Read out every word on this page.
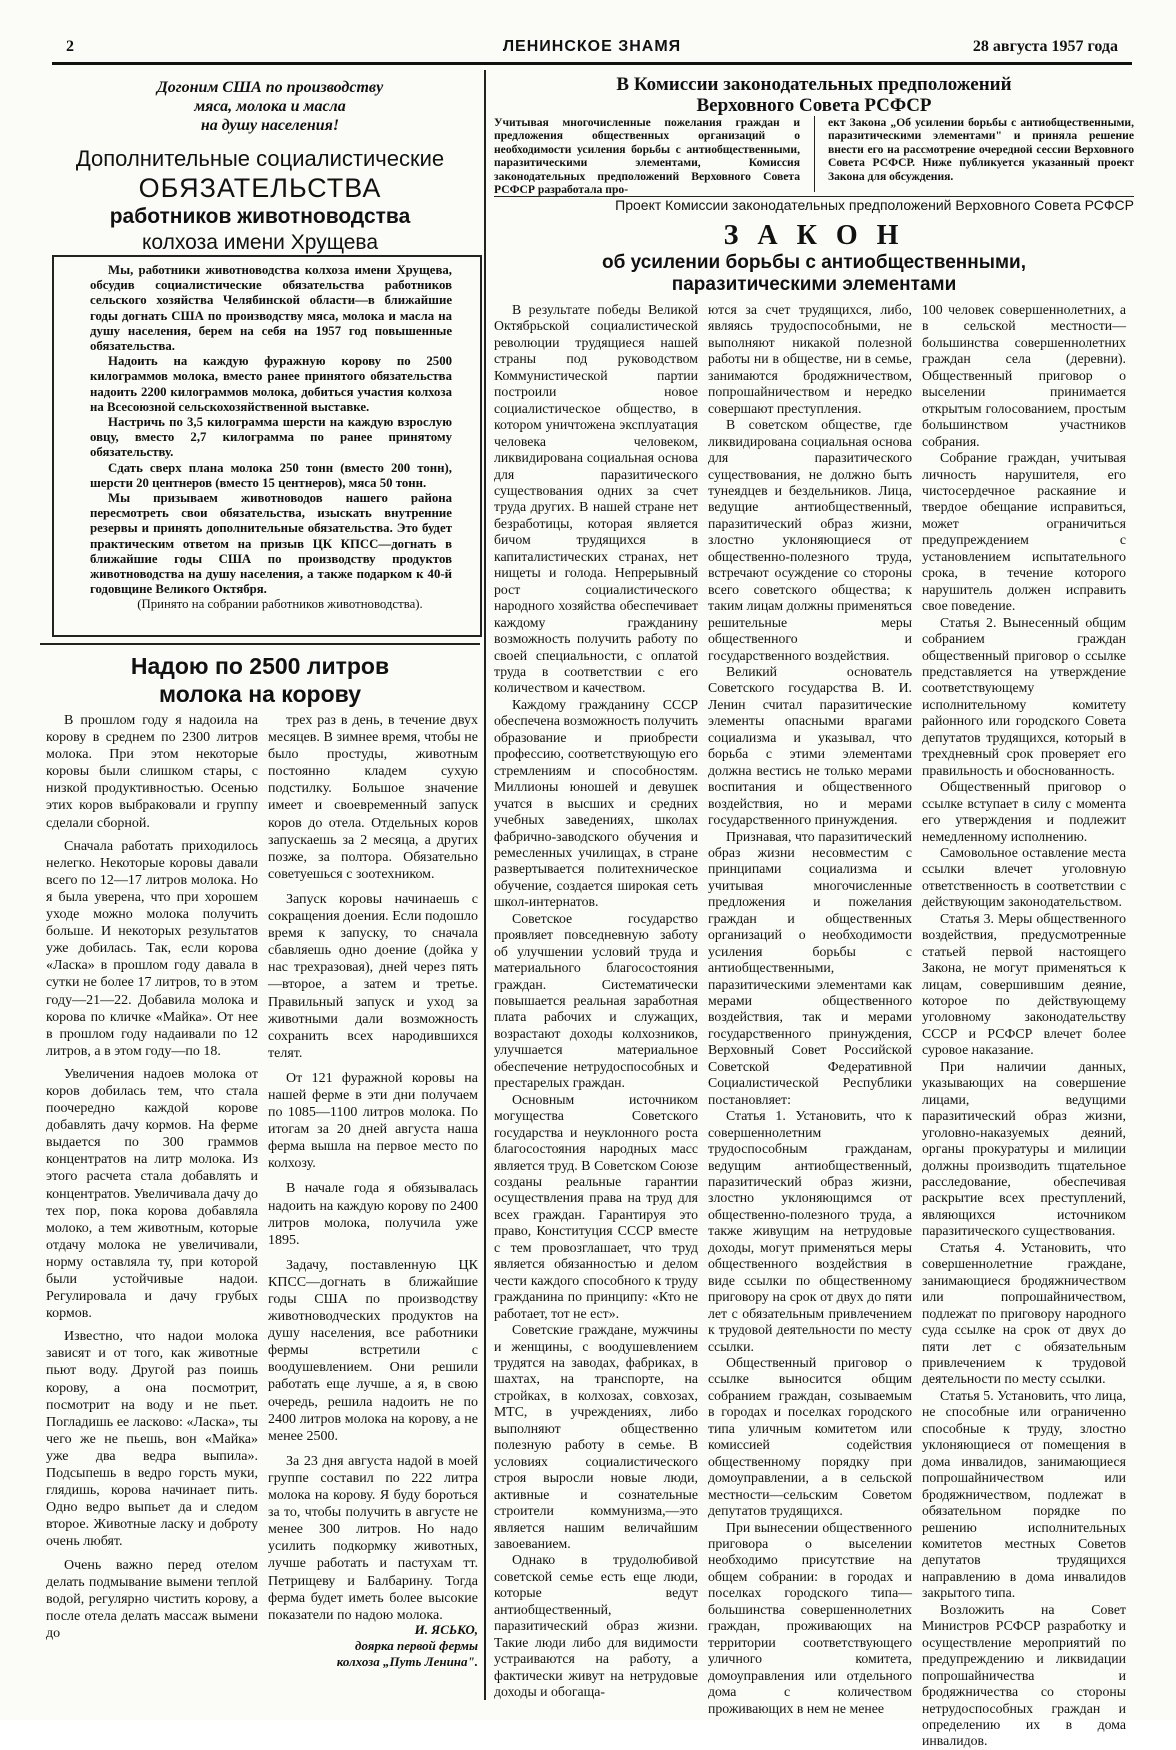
2	ЛЕНИНСКОЕ ЗНАМЯ	28 августа 1957 года
Догоним США по производству
мяса, молока и масла
на душу населения!
Дополнительные социалистические
ОБЯЗАТЕЛЬСТВА
работников животноводства
колхоза имени Хрущева

Мы, работники животноводства колхоза имени Хрущева, обсудив социалистические обязательства работников сельского хозяйства Челябинской области—в ближайшие годы догнать США по производству мяса, молока и масла на душу населения, берем на себя на 1957 год повышенные обязательства.

Надоить на каждую фуражную корову по 2500 килограммов молока, вместо ранее принятого обязательства надоить 2200 килограммов молока, добиться участия колхоза на Всесоюзной сельскохозяйственной выставке.

Настричь по 3,5 килограмма шерсти на каждую взрослую овцу, вместо 2,7 килограмма по ранее принятому обязательству.

Сдать сверх плана молока 250 тонн (вместо 200 тонн), шерсти 20 центнеров (вместо 15 центнеров), мяса 50 тонн.

Мы призываем животноводов нашего района пересмотреть свои обязательства, изыскать внутренние резервы и принять дополнительные обязательства. Это будет практическим ответом на призыв ЦК КПСС—догнать в ближайшие годы США по производству продуктов животноводства на душу населения, а также подарком к 40-й годовщине Великого Октября.

(Принято на собрании работников животноводства).

Надою по 2500 литров
молока на корову

В прошлом году я надоила на корову в среднем по 2300 литров молока. При этом некоторые коровы были слишком стары, с низкой продуктивностью. Осенью этих коров выбраковали и группу сделали сборной.

Сначала работать приходилось нелегко. Некоторые коровы давали всего по 12—17 литров молока. Но я была уверена, что при хорошем уходе можно молока получить больше. И некоторых результатов уже добилась. Так, если корова «Ласка» в прошлом году давала в сутки не более 17 литров, то в этом году—21—22. Добавила молока и корова по кличке «Майка». От нее в прошлом году надаивали по 12 литров, а в этом году—по 18.

Увеличения надоев молока от коров добилась тем, что стала поочередно каждой корове добавлять дачу кормов. На ферме выдается по 300 граммов концентратов на литр молока. Из этого расчета стала добавлять и концентратов. Увеличивала дачу до тех пор, пока корова добавляла молоко, а тем животным, которые отдачу молока не увеличивали, норму оставляла ту, при которой были устойчивые надои. Регулировала и дачу грубых кормов.

Известно, что надои молока зависят и от того, как животные пьют воду. Другой раз поишь корову, а она посмотрит, посмотрит на воду и не пьет. Погладишь ее ласково: «Ласка», ты чего же не пьешь, вон «Майка» уже два ведра выпила». Подсыпешь в ведро горсть муки, глядишь, корова начинает пить. Одно ведро выпьет да и следом второе. Животные ласку и доброту очень любят.

Очень важно перед отелом делать подмывание вымени теплой водой, регулярно чистить корову, а после отела делать массаж вымени до

трех раз в день, в течение двух месяцев. В зимнее время, чтобы не было простуды, животным постоянно кладем сухую подстилку. Большое значение имеет и своевременный запуск коров до отела. Отдельных коров запускаешь за 2 месяца, а других позже, за полтора. Обязательно советуешься с зоотехником.

Запуск коровы начинаешь с сокращения доения. Если подошло время к запуску, то сначала сбавляешь одно доение (дойка у нас трехразовая), дней через пять—второе, а затем и третье. Правильный запуск и уход за животными дали возможность сохранить всех народившихся телят.

От 121 фуражной коровы на нашей ферме в эти дни получаем по 1085—1100 литров молока. По итогам за 20 дней августа наша ферма вышла на первое место по колхозу.

В начале года я обязывалась надоить на каждую корову по 2400 литров молока, получила уже 1895.

Задачу, поставленную ЦК КПСС—догнать в ближайшие годы США по производству животноводческих продуктов на душу населения, все работники фермы встретили с воодушевлением. Они решили работать еще лучше, а я, в свою очередь, решила надоить не по 2400 литров молока на корову, а не менее 2500.

За 23 дня августа надой в моей группе составил по 222 литра молока на корову. Я буду бороться за то, чтобы получить в августе не менее 300 литров. Но надо усилить подкормку животных, лучше работать и пастухам тт. Петрищеву и Балбарину. Тогда ферма будет иметь более высокие показатели по надою молока.

И. ЯСЬКО,
доярка первой фермы
колхоза „Путь Ленина".
В Комиссии законодательных предположений
Верховного Совета РСФСР
Учитывая многочисленные пожелания граждан и предложения общественных организаций о необходимости усиления борьбы с антиобщественными, паразитическими элементами, Комиссия законодательных предположений Верховного Совета РСФСР разработала про-
ект Закона „Об усилении борьбы с антиобщественными, паразитическими элементами" и приняла решение внести его на рассмотрение очередной сессии Верховного Совета РСФСР. Ниже публикуется указанный проект Закона для обсуждения.
Проект Комиссии законодательных предположений Верховного Совета РСФСР
З А К О Н
об усилении борьбы с антиобщественными,
паразитическими элементами

В результате победы Великой Октябрьской социалистической революции трудящиеся нашей страны под руководством Коммунистической партии построили новое социалистическое общество, в котором уничтожена эксплуатация человека человеком, ликвидирована социальная основа для паразитического существования одних за счет труда других. В нашей стране нет безработицы, которая является бичом трудящихся в капиталистических странах, нет нищеты и голода. Непрерывный рост социалистического народного хозяйства обеспечивает каждому гражданину возможность получить работу по своей специальности, с оплатой труда в соответствии с его количеством и качеством.

Каждому гражданину СССР обеспечена возможность получить образование и приобрести профессию, соответствующую его стремлениям и способностям. Миллионы юношей и девушек учатся в высших и средних учебных заведениях, школах фабрично-заводского обучения и ремесленных училищах, в стране развертывается политехническое обучение, создается широкая сеть школ-интернатов.

Советское государство проявляет повседневную заботу об улучшении условий труда и материального благосостояния граждан. Систематически повышается реальная заработная плата рабочих и служащих, возрастают доходы колхозников, улучшается материальное обеспечение нетрудоспособных и престарелых граждан.

Основным источником могущества Советского государства и неуклонного роста благосостояния народных масс является труд. В Советском Союзе созданы реальные гарантии осуществления права на труд для всех граждан. Гарантируя это право, Конституция СССР вместе с тем провозглашает, что труд является обязанностью и делом чести каждого способного к труду гражданина по принципу: «Кто не работает, тот не ест».

Советские граждане, мужчины и женщины, с воодушевлением трудятся на заводах, фабриках, в шахтах, на транспорте, на стройках, в колхозах, совхозах, МТС, в учреждениях, либо выполняют общественно полезную работу в семье. В условиях социалистического строя выросли новые люди, активные и сознательные строители коммунизма,—это является нашим величайшим завоеванием.

Однако в трудолюбивой советской семье есть еще люди, которые ведут антиобщественный, паразитический образ жизни. Такие люди либо для видимости устраиваются на работу, а фактически живут на нетрудовые доходы и обогаща-

ются за счет трудящихся, либо, являясь трудоспособными, не выполняют никакой полезной работы ни в обществе, ни в семье, занимаются бродяжничеством, попрошайничеством и нередко совершают преступления.

В советском обществе, где ликвидирована социальная основа для паразитического существования, не должно быть тунеядцев и бездельников. Лица, ведущие антиобщественный, паразитический образ жизни, злостно уклоняющиеся от общественно-полезного труда, встречают осуждение со стороны всего советского общества; к таким лицам должны применяться решительные меры общественного и государственного воздействия.

Великий основатель Советского государства В. И. Ленин считал паразитические элементы опасными врагами социализма и указывал, что борьба с этими элементами должна вестись не только мерами воспитания и общественного воздействия, но и мерами государственного принуждения.

Признавая, что паразитический образ жизни несовместим с принципами социализма и учитывая многочисленные предложения и пожелания граждан и общественных организаций о необходимости усиления борьбы с антиобщественными, паразитическими элементами как мерами общественного воздействия, так и мерами государственного принуждения, Верховный Совет Российской Советской Федеративной Социалистической Республики постановляет:

Статья 1. Установить, что к совершеннолетним трудоспособным гражданам, ведущим антиобщественный, паразитический образ жизни, злостно уклоняющимся от общественно-полезного труда, а также живущим на нетрудовые доходы, могут применяться меры общественного воздействия в виде ссылки по общественному приговору на срок от двух до пяти лет с обязательным привлечением к трудовой деятельности по месту ссылки.

Общественный приговор о ссылке выносится общим собранием граждан, созываемым в городах и поселках городского типа уличным комитетом или комиссией содействия общественному порядку при домоуправлении, а в сельской местности—сельским Советом депутатов трудящихся.

При вынесении общественного приговора о выселении необходимо присутствие на общем собрании: в городах и поселках городского типа—большинства совершеннолетних граждан, проживающих на территории соответствующего уличного комитета, домоуправления или отдельного дома с количеством проживающих в нем не менее

100 человек совершеннолетних, а в сельской местности—большинства совершеннолетних граждан села (деревни). Общественный приговор о выселении принимается открытым голосованием, простым большинством участников собрания.

Собрание граждан, учитывая личность нарушителя, его чистосердечное раскаяние и твердое обещание исправиться, может ограничиться предупреждением с установлением испытательного срока, в течение которого нарушитель должен исправить свое поведение.

Статья 2. Вынесенный общим собранием граждан общественный приговор о ссылке представляется на утверждение соответствующему исполнительному комитету районного или городского Совета депутатов трудящихся, который в трехдневный срок проверяет его правильность и обоснованность.

Общественный приговор о ссылке вступает в силу с момента его утверждения и подлежит немедленному исполнению.

Самовольное оставление места ссылки влечет уголовную ответственность в соответствии с действующим законодательством.

Статья 3. Меры общественного воздействия, предусмотренные статьей первой настоящего Закона, не могут применяться к лицам, совершившим деяние, которое по действующему уголовному законодательству СССР и РСФСР влечет более суровое наказание.

При наличии данных, указывающих на совершение лицами, ведущими паразитический образ жизни, уголовно-наказуемых деяний, органы прокуратуры и милиции должны производить тщательное расследование, обеспечивая раскрытие всех преступлений, являющихся источником паразитического существования.

Статья 4. Установить, что совершеннолетние граждане, занимающиеся бродяжничеством или попрошайничеством, подлежат по приговору народного суда ссылке на срок от двух до пяти лет с обязательным привлечением к трудовой деятельности по месту ссылки.

Статья 5. Установить, что лица, не способные или ограниченно способные к труду, злостно уклоняющиеся от помещения в дома инвалидов, занимающиеся попрошайничеством или бродяжничеством, подлежат в обязательном порядке по решению исполнительных комитетов местных Советов депутатов трудящихся направлению в дома инвалидов закрытого типа.

Возложить на Совет Министров РСФСР разработку и осуществление мероприятий по предупреждению и ликвидации попрошайничества и бродяжничества со стороны нетрудоспособных граждан и определению их в дома инвалидов.
